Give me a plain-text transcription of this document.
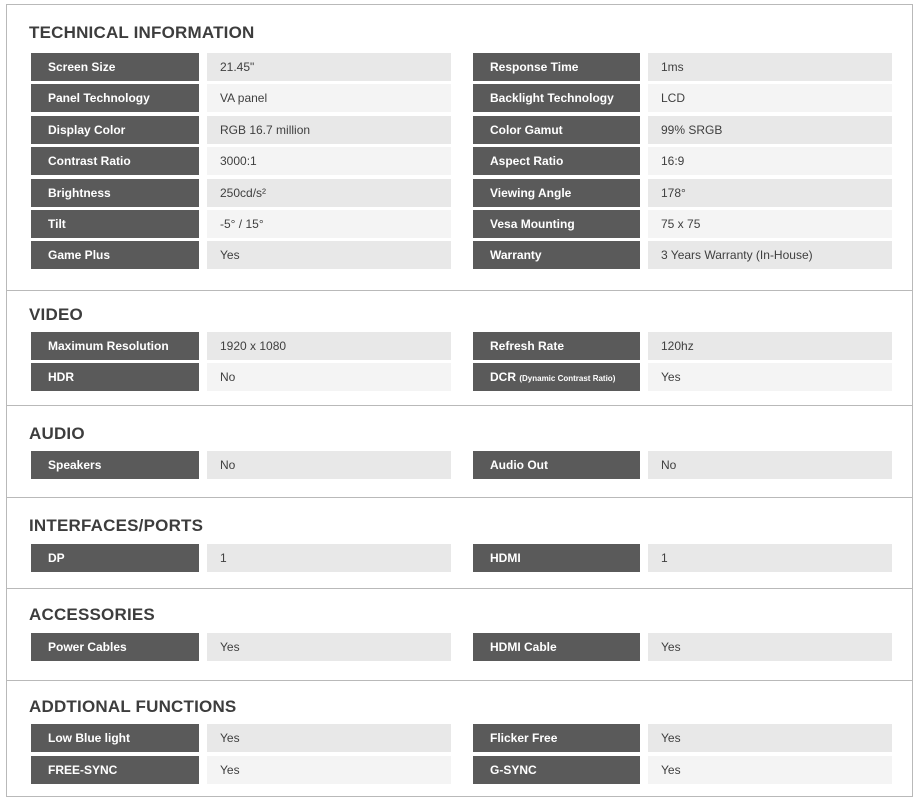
TECHNICAL INFORMATION
Screen Size	21.45"	Response Time	1ms
Panel Technology	VA panel	Backlight Technology	LCD
Display Color	RGB 16.7 million	Color Gamut	99% SRGB
Contrast Ratio	3000:1	Aspect Ratio	16:9
Brightness	250cd/s²	Viewing Angle	178°
Tilt	-5° / 15°	Vesa Mounting	75 x 75
Game Plus	Yes	Warranty	3 Years Warranty (In-House)
VIDEO
Maximum Resolution	1920 x 1080	Refresh Rate	120hz
HDR	No	DCR (Dynamic Contrast Ratio)	Yes
AUDIO
Speakers	No	Audio Out	No
INTERFACES/PORTS
DP	1	HDMI	1
ACCESSORIES
Power Cables	Yes	HDMI Cable	Yes
ADDTIONAL FUNCTIONS
Low Blue light	Yes	Flicker Free	Yes
FREE-SYNC	Yes	G-SYNC	Yes
